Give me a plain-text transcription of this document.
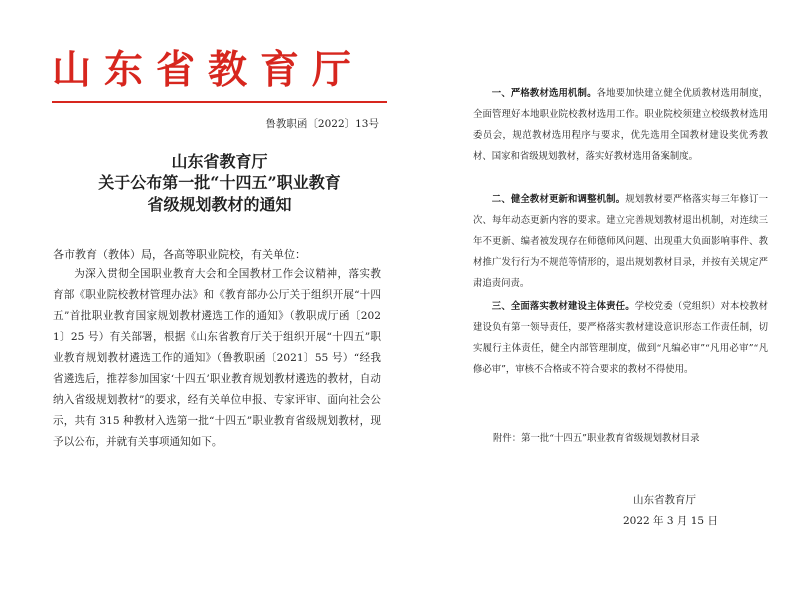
山东省教育厅
鲁教职函〔2022〕13号
山东省教育厅
关于公布第一批“十四五”职业教育
省级规划教材的通知
各市教育（教体）局，各高等职业院校，有关单位：

为深入贯彻全国职业教育大会和全国教材工作会议精神，落实教育部《职业院校教材管理办法》和《教育部办公厅关于组织开展“十四五”首批职业教育国家规划教材遴选工作的通知》（教职成厅函〔2021〕25 号）有关部署，根据《山东省教育厅关于组织开展“十四五”职业教育规划教材遴选工作的通知》（鲁教职函〔2021〕55 号）“经我省遴选后，推荐参加国家‘十四五’职业教育规划教材遴选的教材，自动纳入省级规划教材”的要求，经有关单位申报、专家评审、面向社会公示，共有 315 种教材入选第一批“十四五”职业教育省级规划教材，现予以公布，并就有关事项通知如下。

一、严格教材选用机制。各地要加快建立健全优质教材选用制度，全面管理好本地职业院校教材选用工作。职业院校须建立校级教材选用委员会，规范教材选用程序与要求，优先选用全国教材建设奖优秀教材、国家和省级规划教材，落实好教材选用备案制度。

二、健全教材更新和调整机制。规划教材要严格落实每三年修订一次、每年动态更新内容的要求。建立完善规划教材退出机制，对连续三年不更新、编者被发现存在师德师风问题、出现重大负面影响事件、教材推广发行行为不规范等情形的，退出规划教材目录，并按有关规定严肃追责问责。

三、全面落实教材建设主体责任。学校党委（党组织）对本校教材建设负有第一领导责任，要严格落实教材建设意识形态工作责任制，切实履行主体责任，健全内部管理制度，做到“凡编必审”“凡用必审”“凡修必审”，审核不合格或不符合要求的教材不得使用。

附件：第一批“十四五”职业教育省级规划教材目录
山东省教育厅
2022 年 3 月 15 日
